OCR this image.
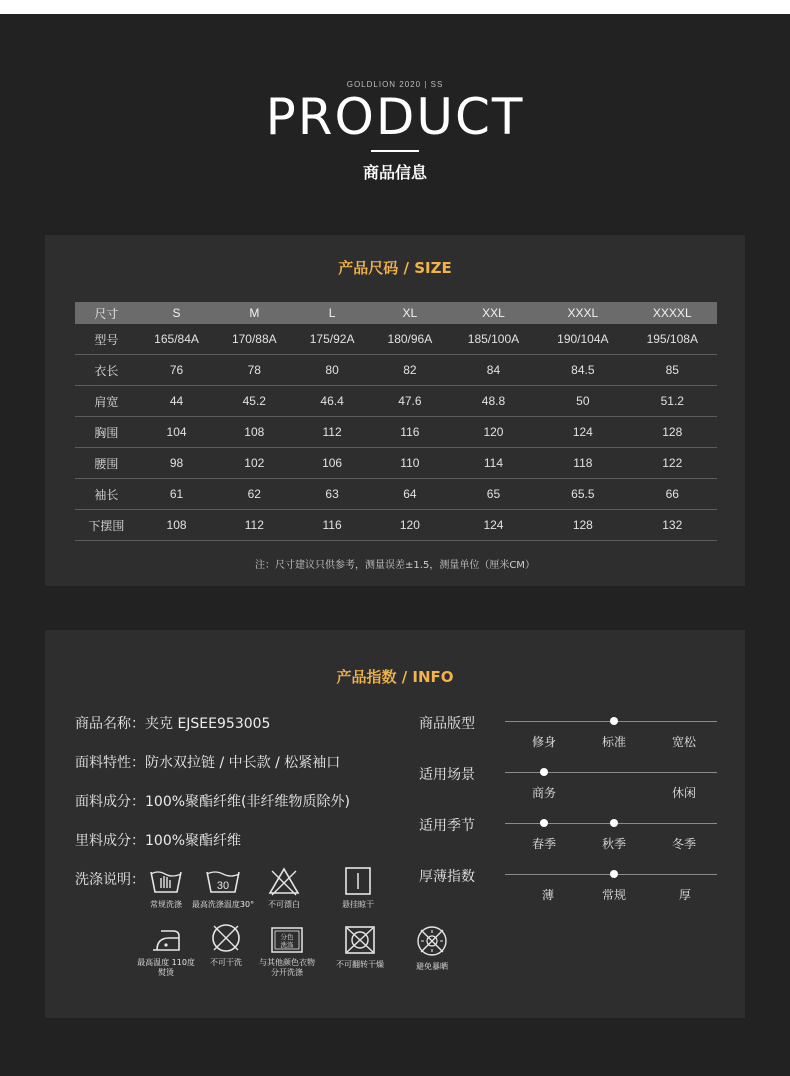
GOLDLION 2020 | SS
PRODUCT
商品信息
产品尺码 / SIZE
尺寸	S	M	L	XL	XXL	XXXL	XXXXL
型号	165/84A	170/88A	175/92A	180/96A	185/100A	190/104A	195/108A
衣长	76	78	80	82	84	84.5	85
肩宽	44	45.2	46.4	47.6	48.8	50	51.2
胸围	104	108	112	116	120	124	128
腰围	98	102	106	110	114	118	122
袖长	61	62	63	64	65	65.5	66
下摆围	108	112	116	120	124	128	132
注：尺寸建议只供参考，测量误差±1.5，测量单位（厘米CM）
产品指数 / INFO
商品名称：夹克 EJSEE953005
面料特性：防水双拉链 / 中长款 / 松紧袖口
面料成分：100%聚酯纤维(非纤维物质除外)
里料成分：100%聚酯纤维
洗涤说明：
常规洗涤
30
最高洗涤温度30°	不可漂白	悬挂晾干
最高温度 110度熨烫
不可干洗
分色
洗涤
与其他颜色衣物 分开洗涤
不可翻转干燥	避免暴晒
商品版型
修身	标准	宽松
适用场景
商务	休闲
适用季节
春季	秋季	冬季
厚薄指数
薄	常规	厚
